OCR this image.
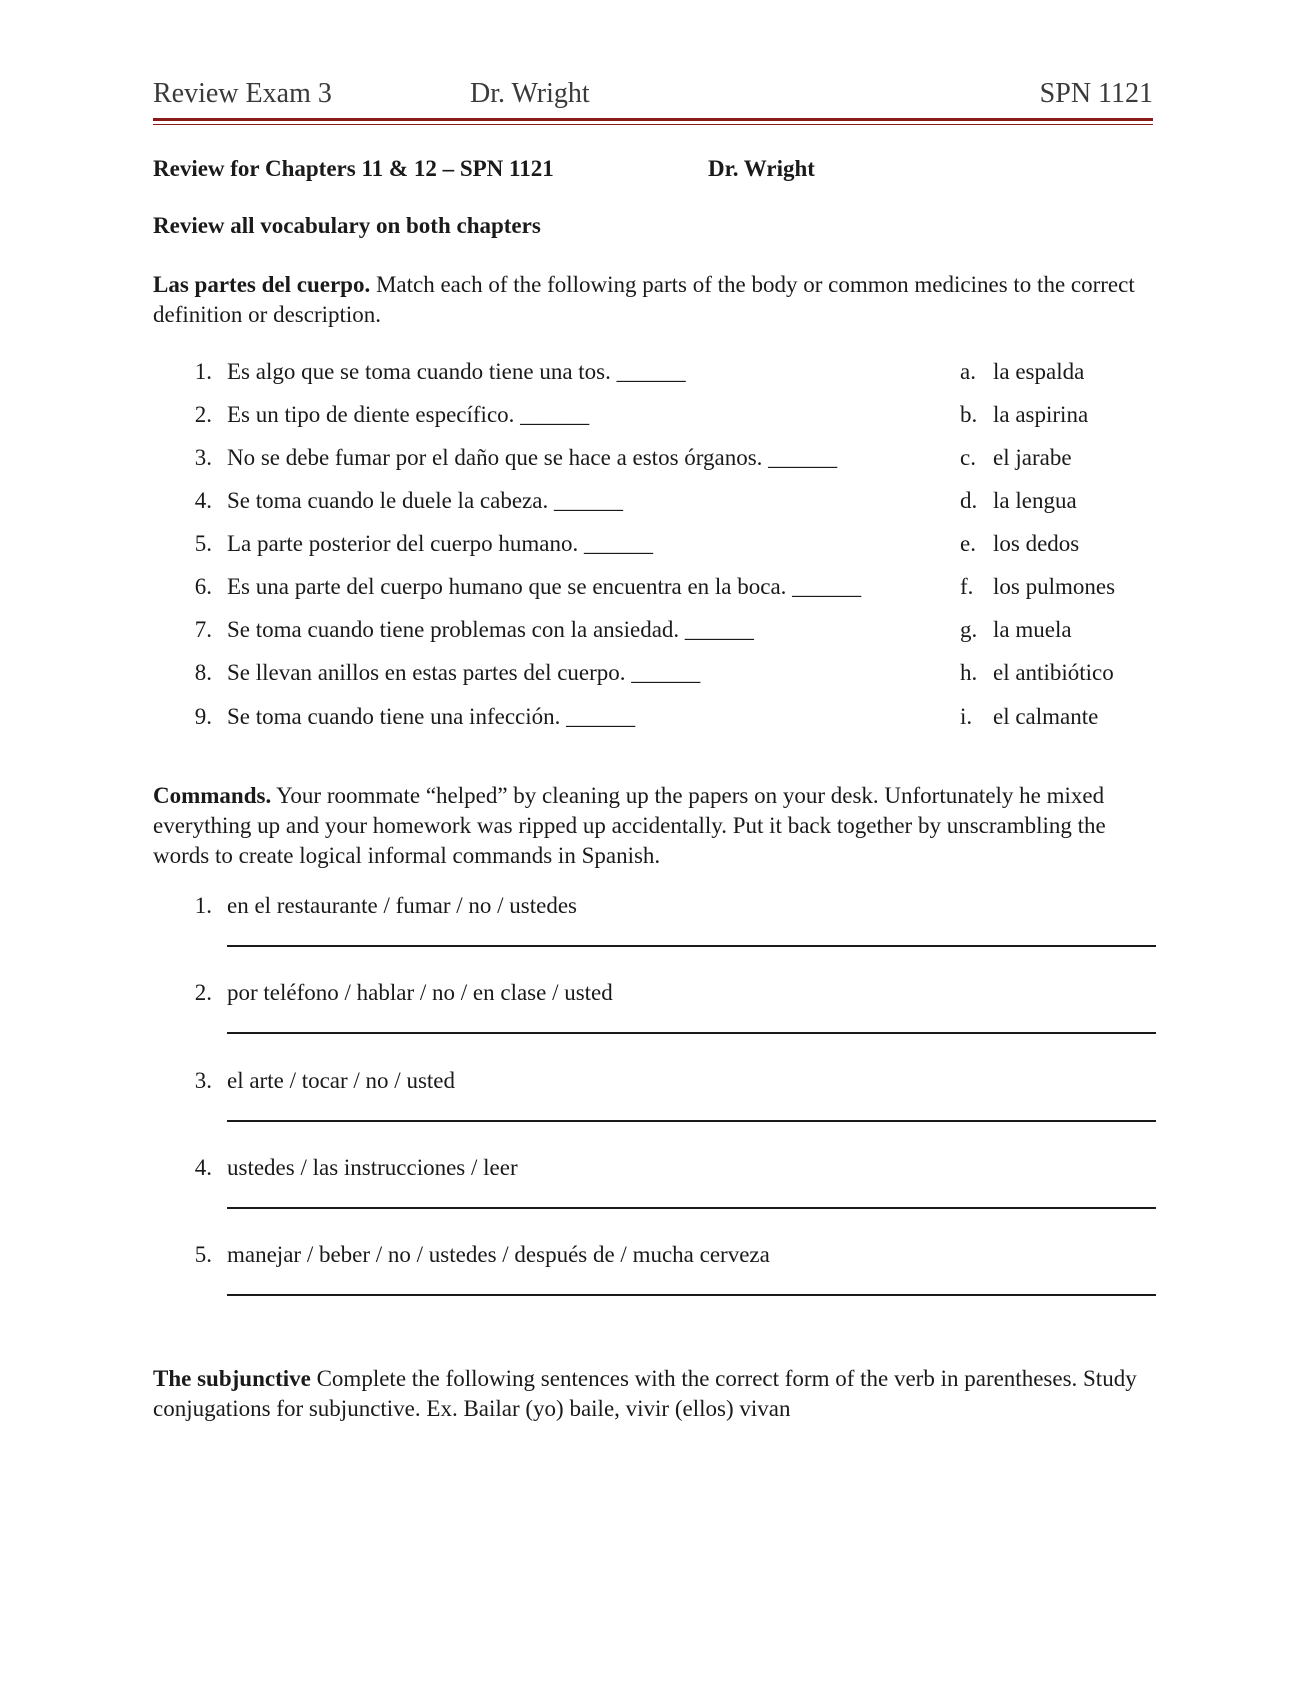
Review Exam 3	Dr. Wright	SPN 1121
Review for Chapters 11 & 12 – SPN 1121	Dr. Wright
Review all vocabulary on both chapters
Las partes del cuerpo. Match each of the following parts of the body or common medicines to the correct definition or description.
1. Es algo que se toma cuando tiene una tos. ______	a. la espalda
2. Es un tipo de diente específico. ______	b. la aspirina
3. No se debe fumar por el daño que se hace a estos órganos. ______	c. el jarabe
4. Se toma cuando le duele la cabeza. ______	d. la lengua
5. La parte posterior del cuerpo humano. ______	e. los dedos
6. Es una parte del cuerpo humano que se encuentra en la boca. ______	f. los pulmones
7. Se toma cuando tiene problemas con la ansiedad. ______	g. la muela
8. Se llevan anillos en estas partes del cuerpo. ______	h. el antibiótico
9. Se toma cuando tiene una infección. ______	i. el calmante
Commands. Your roommate “helped” by cleaning up the papers on your desk. Unfortunately he mixed everything up and your homework was ripped up accidentally. Put it back together by unscrambling the words to create logical informal commands in Spanish.
1. en el restaurante / fumar / no / ustedes
2. por teléfono / hablar / no / en clase / usted
3. el arte / tocar / no / usted
4. ustedes / las instrucciones / leer
5. manejar / beber / no / ustedes / después de / mucha cerveza
The subjunctive Complete the following sentences with the correct form of the verb in parentheses. Study conjugations for subjunctive. Ex. Bailar (yo) baile, vivir (ellos) vivan
